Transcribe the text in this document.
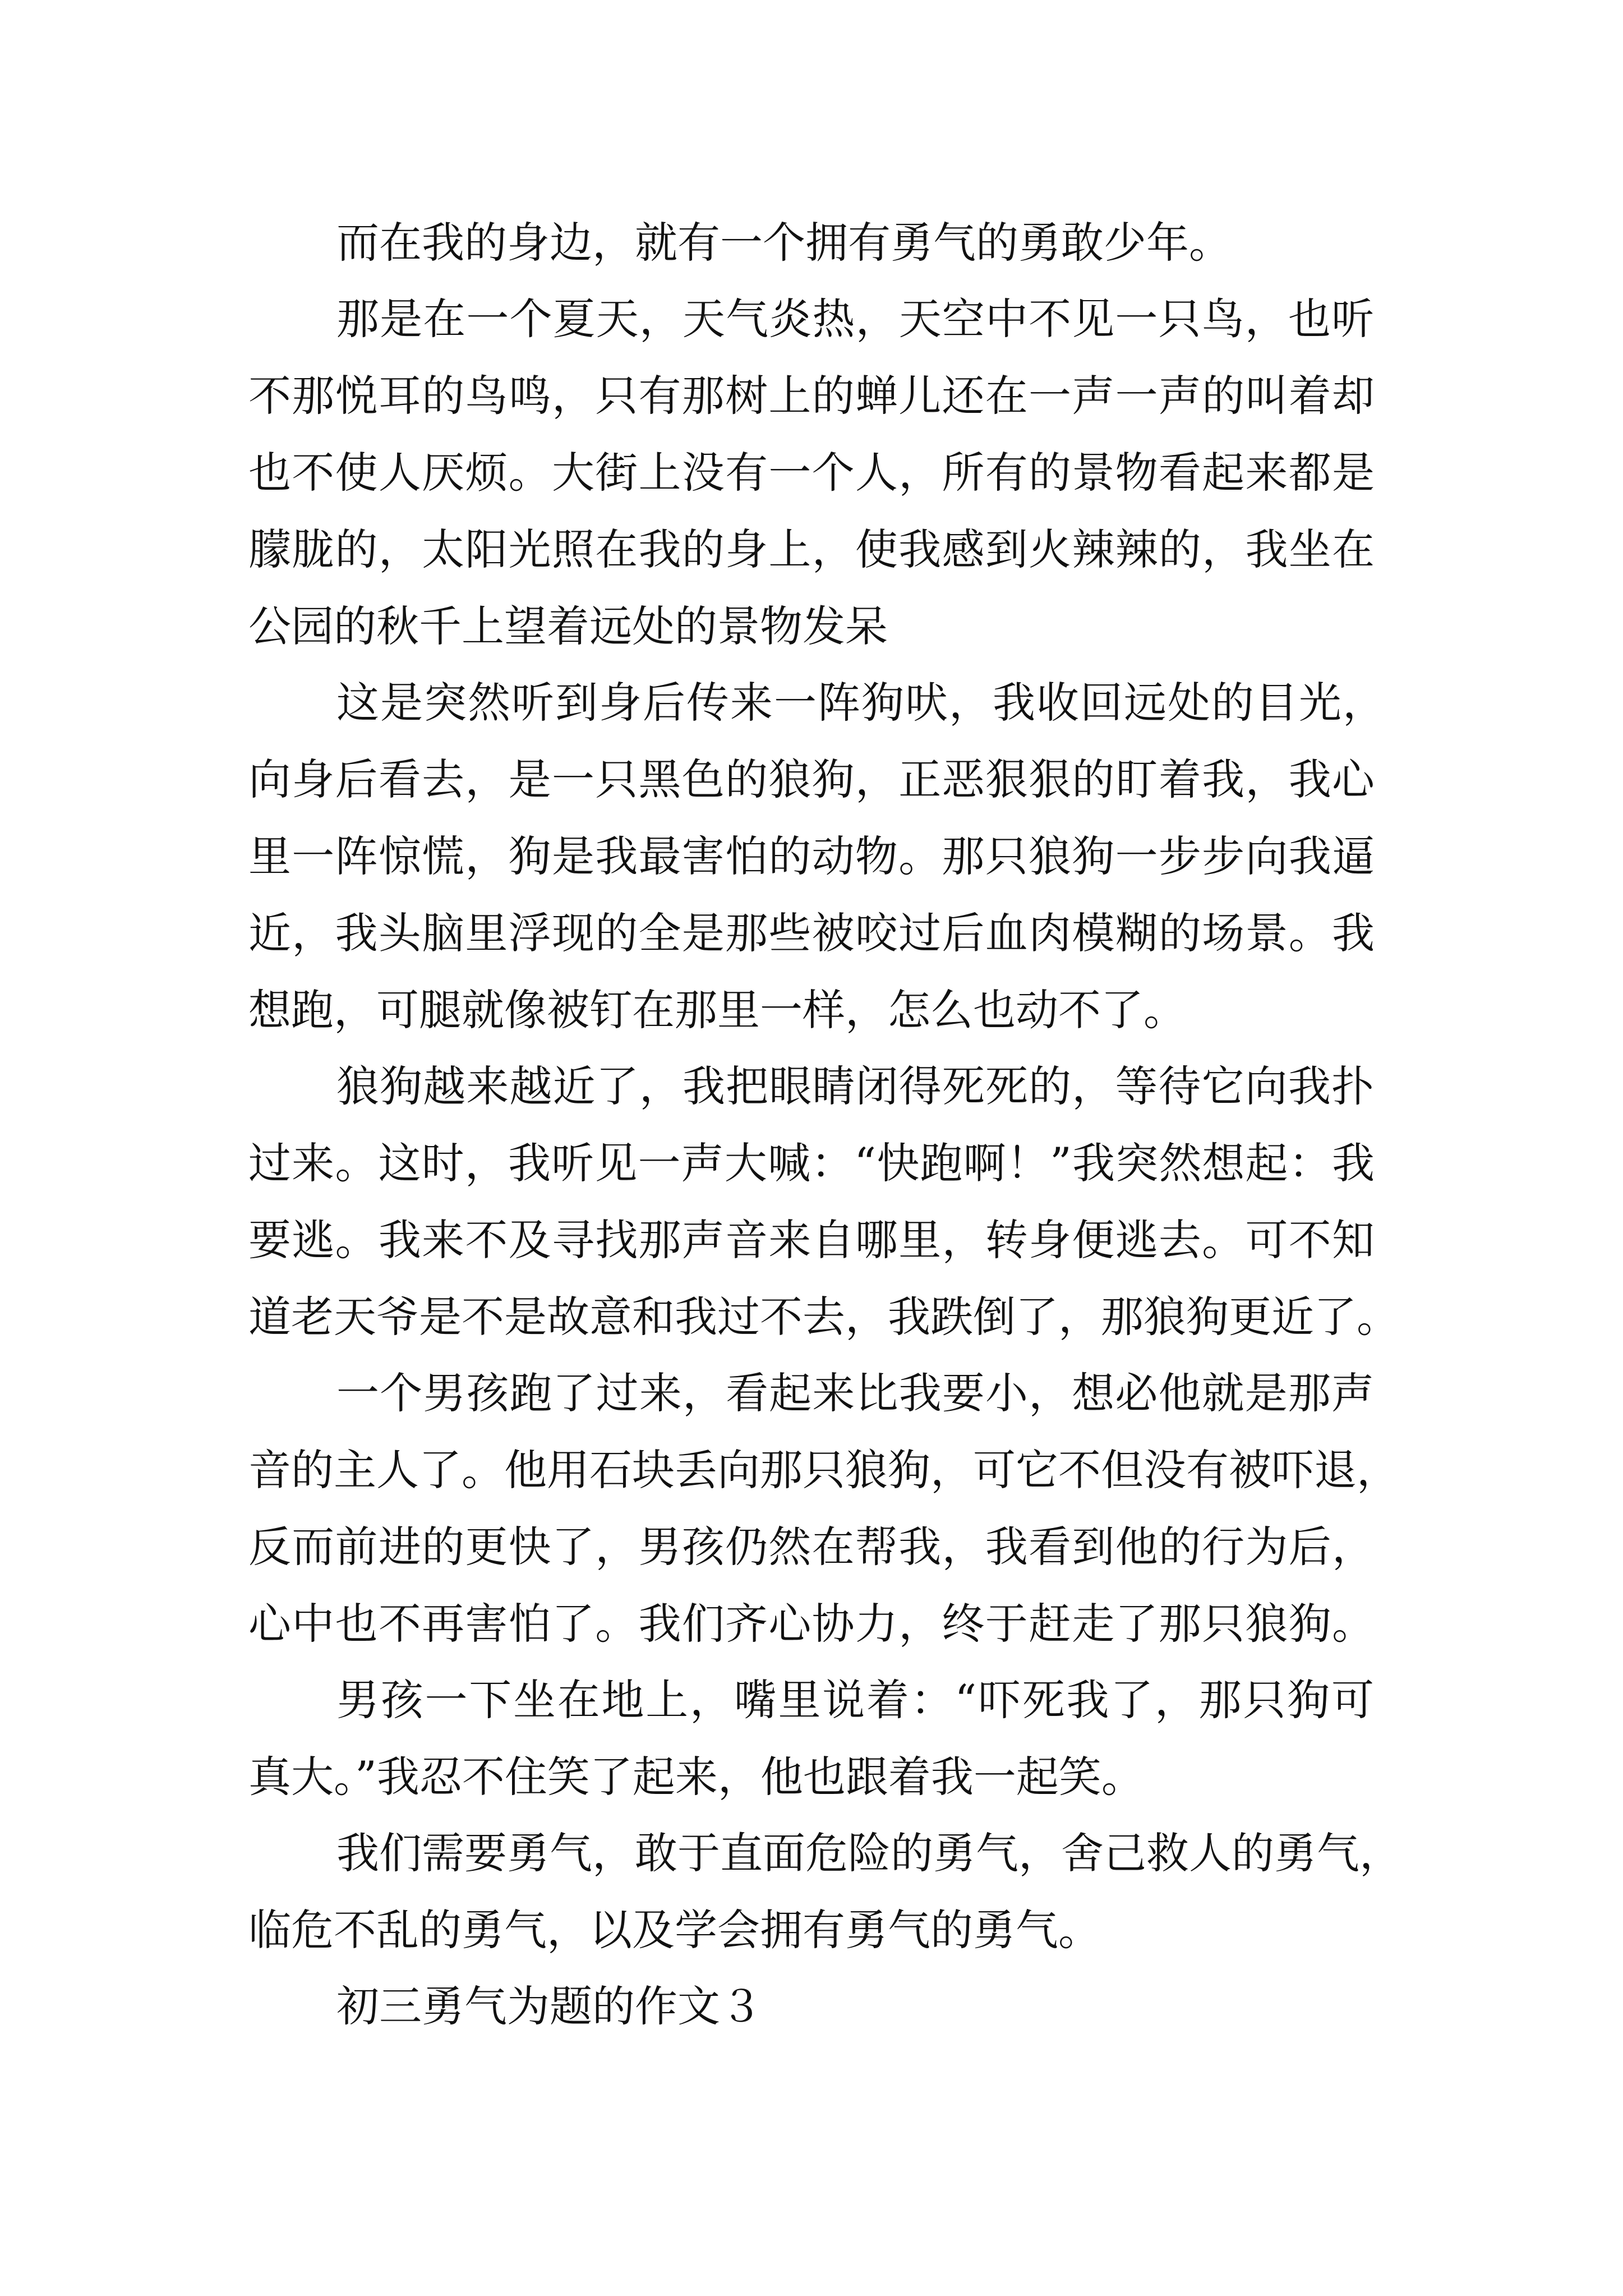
而在我的身边，就有一个拥有勇气的勇敢少年。
那是在一个夏天，天气炎热，天空中不见一只鸟，也听
不那悦耳的鸟鸣，只有那树上的蝉儿还在一声一声的叫着却
也不使人厌烦。大街上没有一个人，所有的景物看起来都是
朦胧的，太阳光照在我的身上，使我感到火辣辣的，我坐在
公园的秋千上望着远处的景物发呆
这是突然听到身后传来一阵狗吠，我收回远处的目光，
向身后看去，是一只黑色的狼狗，正恶狠狠的盯着我，我心
里一阵惊慌，狗是我最害怕的动物。那只狼狗一步步向我逼
近，我头脑里浮现的全是那些被咬过后血肉模糊的场景。我
想跑，可腿就像被钉在那里一样，怎么也动不了。
狼狗越来越近了，我把眼睛闭得死死的，等待它向我扑
过来。这时，我听见一声大喊：“快跑啊！”我突然想起：我
要逃。我来不及寻找那声音来自哪里，转身便逃去。可不知
道老天爷是不是故意和我过不去，我跌倒了，那狼狗更近了。
一个男孩跑了过来，看起来比我要小，想必他就是那声
音的主人了。他用石块丢向那只狼狗，可它不但没有被吓退，
反而前进的更快了，男孩仍然在帮我，我看到他的行为后，
心中也不再害怕了。我们齐心协力，终于赶走了那只狼狗。
男孩一下坐在地上，嘴里说着：“吓死我了，那只狗可
真大。”我忍不住笑了起来，他也跟着我一起笑。
我们需要勇气，敢于直面危险的勇气，舍己救人的勇气，
临危不乱的勇气，以及学会拥有勇气的勇气。
初三勇气为题的作文３
